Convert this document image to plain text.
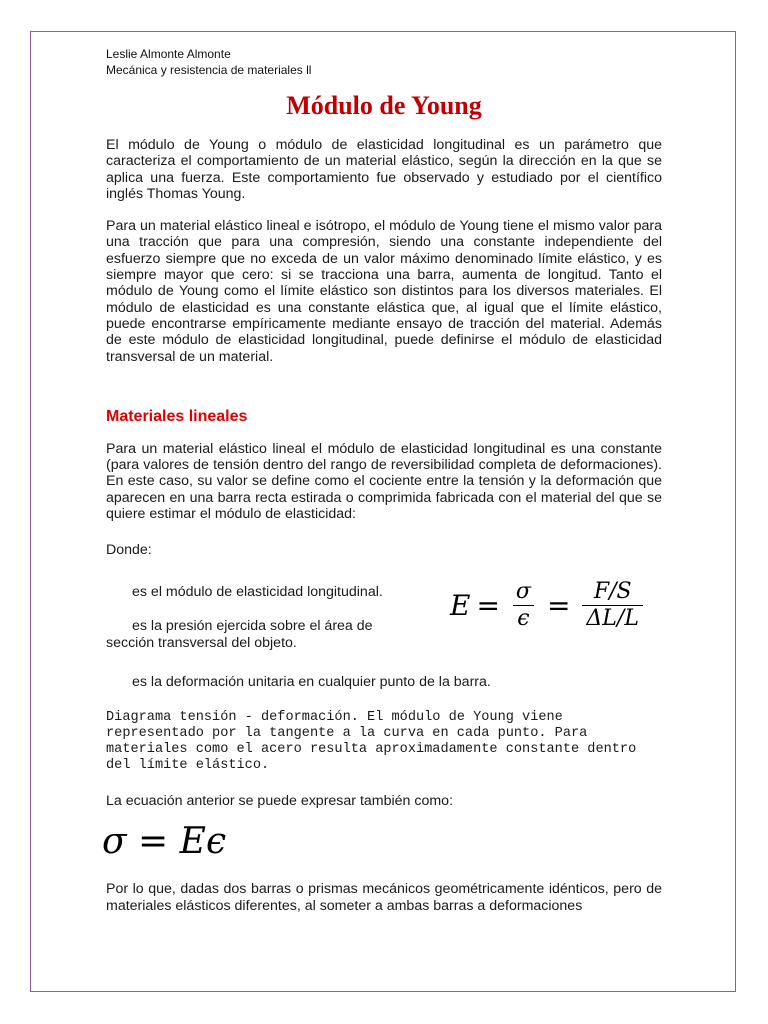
Leslie Almonte Almonte
Mecánica y resistencia de materiales ll
Módulo de Young

El módulo de Young o módulo de elasticidad longitudinal es un parámetro que caracteriza el comportamiento de un material elástico, según la dirección en la que se aplica una fuerza. Este comportamiento fue observado y estudiado por el científico inglés Thomas Young.

Para un material elástico lineal e isótropo, el módulo de Young tiene el mismo valor para una tracción que para una compresión, siendo una constante independiente del esfuerzo siempre que no exceda de un valor máximo denominado límite elástico, y es siempre mayor que cero: si se tracciona una barra, aumenta de longitud. Tanto el módulo de Young como el límite elástico son distintos para los diversos materiales. El módulo de elasticidad es una constante elástica que, al igual que el límite elástico, puede encontrarse empíricamente mediante ensayo de tracción del material. Además de este módulo de elasticidad longitudinal, puede definirse el módulo de elasticidad transversal de un material.

Materiales lineales

Para un material elástico lineal el módulo de elasticidad longitudinal es una constante (para valores de tensión dentro del rango de reversibilidad completa de deformaciones). En este caso, su valor se define como el cociente entre la tensión y la deformación que aparecen en una barra recta estirada o comprimida fabricada con el material del que se quiere estimar el módulo de elasticidad:

Donde:
es el módulo de elasticidad longitudinal.
es la presión ejercida sobre el área de sección transversal del objeto.
es la deformación unitaria en cualquier punto de la barra.
$E = \frac{\sigma}{\epsilon} = \frac{F/S}{\Delta L/L}$

Diagrama tensión - deformación. El módulo de Young viene representado por la tangente a la curva en cada punto. Para materiales como el acero resulta aproximadamente constante dentro del límite elástico.

La ecuación anterior se puede expresar también como:
σ = Eϵ

Por lo que, dadas dos barras o prismas mecánicos geométricamente idénticos, pero de materiales elásticos diferentes, al someter a ambas barras a deformaciones
